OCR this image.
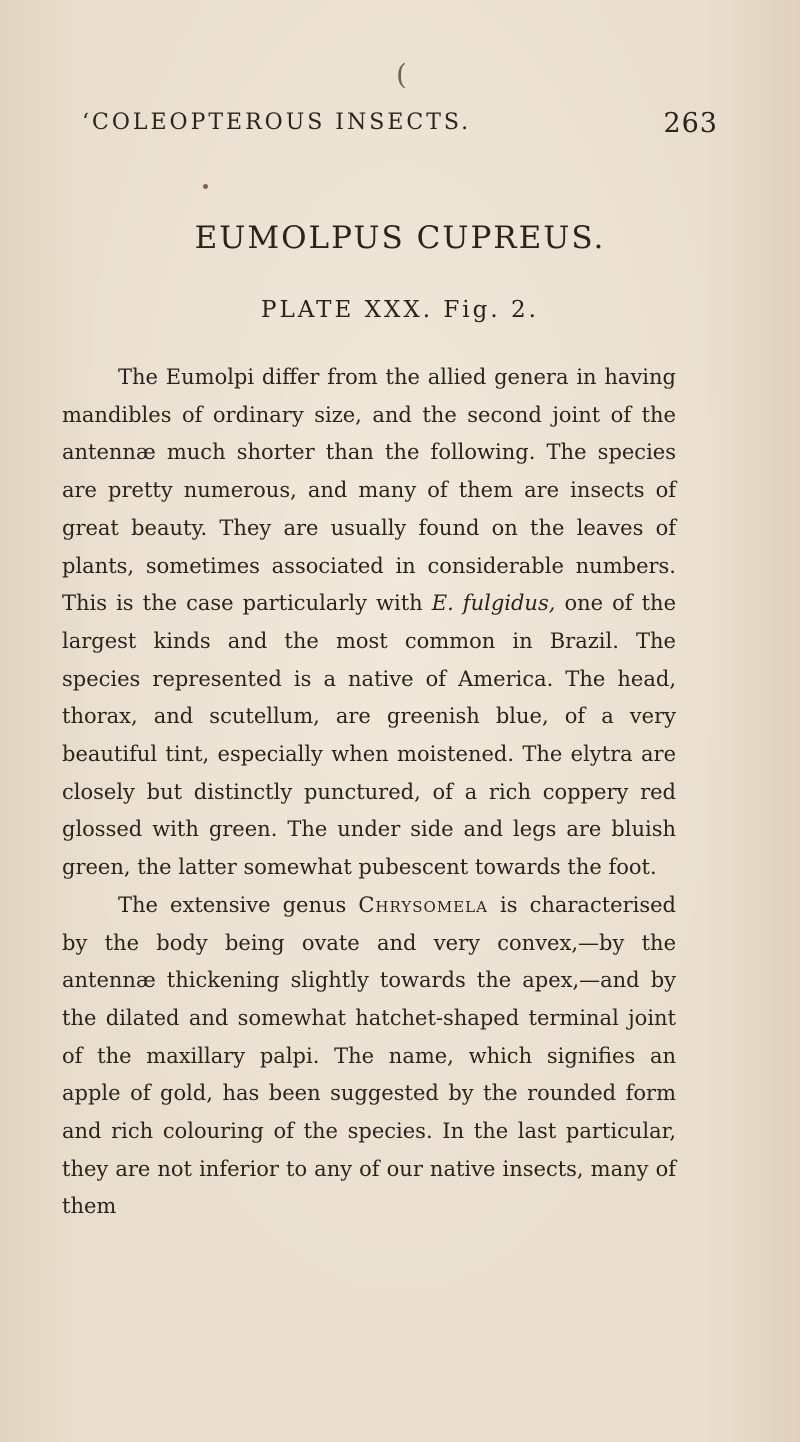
(
‘COLEOPTEROUS INSECTS.	263
EUMOLPUS CUPREUS.
PLATE XXX. Fig. 2.

The Eumolpi differ from the allied genera in having mandibles of ordinary size, and the second joint of the antennæ much shorter than the following. The species are pretty numerous, and many of them are insects of great beauty. They are usually found on the leaves of plants, sometimes associated in considerable numbers. This is the case particularly with E. fulgidus, one of the largest kinds and the most common in Brazil. The species represented is a native of America. The head, thorax, and scutellum, are greenish blue, of a very beautiful tint, especially when moistened. The elytra are closely but distinctly punctured, of a rich coppery red glossed with green. The under side and legs are bluish green, the latter somewhat pubescent towards the foot.

The extensive genus Chrysomela is characterised by the body being ovate and very convex,—by the antennæ thickening slightly towards the apex,—and by the dilated and somewhat hatchet-shaped terminal joint of the maxillary palpi. The name, which signifies an apple of gold, has been suggested by the rounded form and rich colouring of the species. In the last particular, they are not inferior to any of our native insects, many of them
